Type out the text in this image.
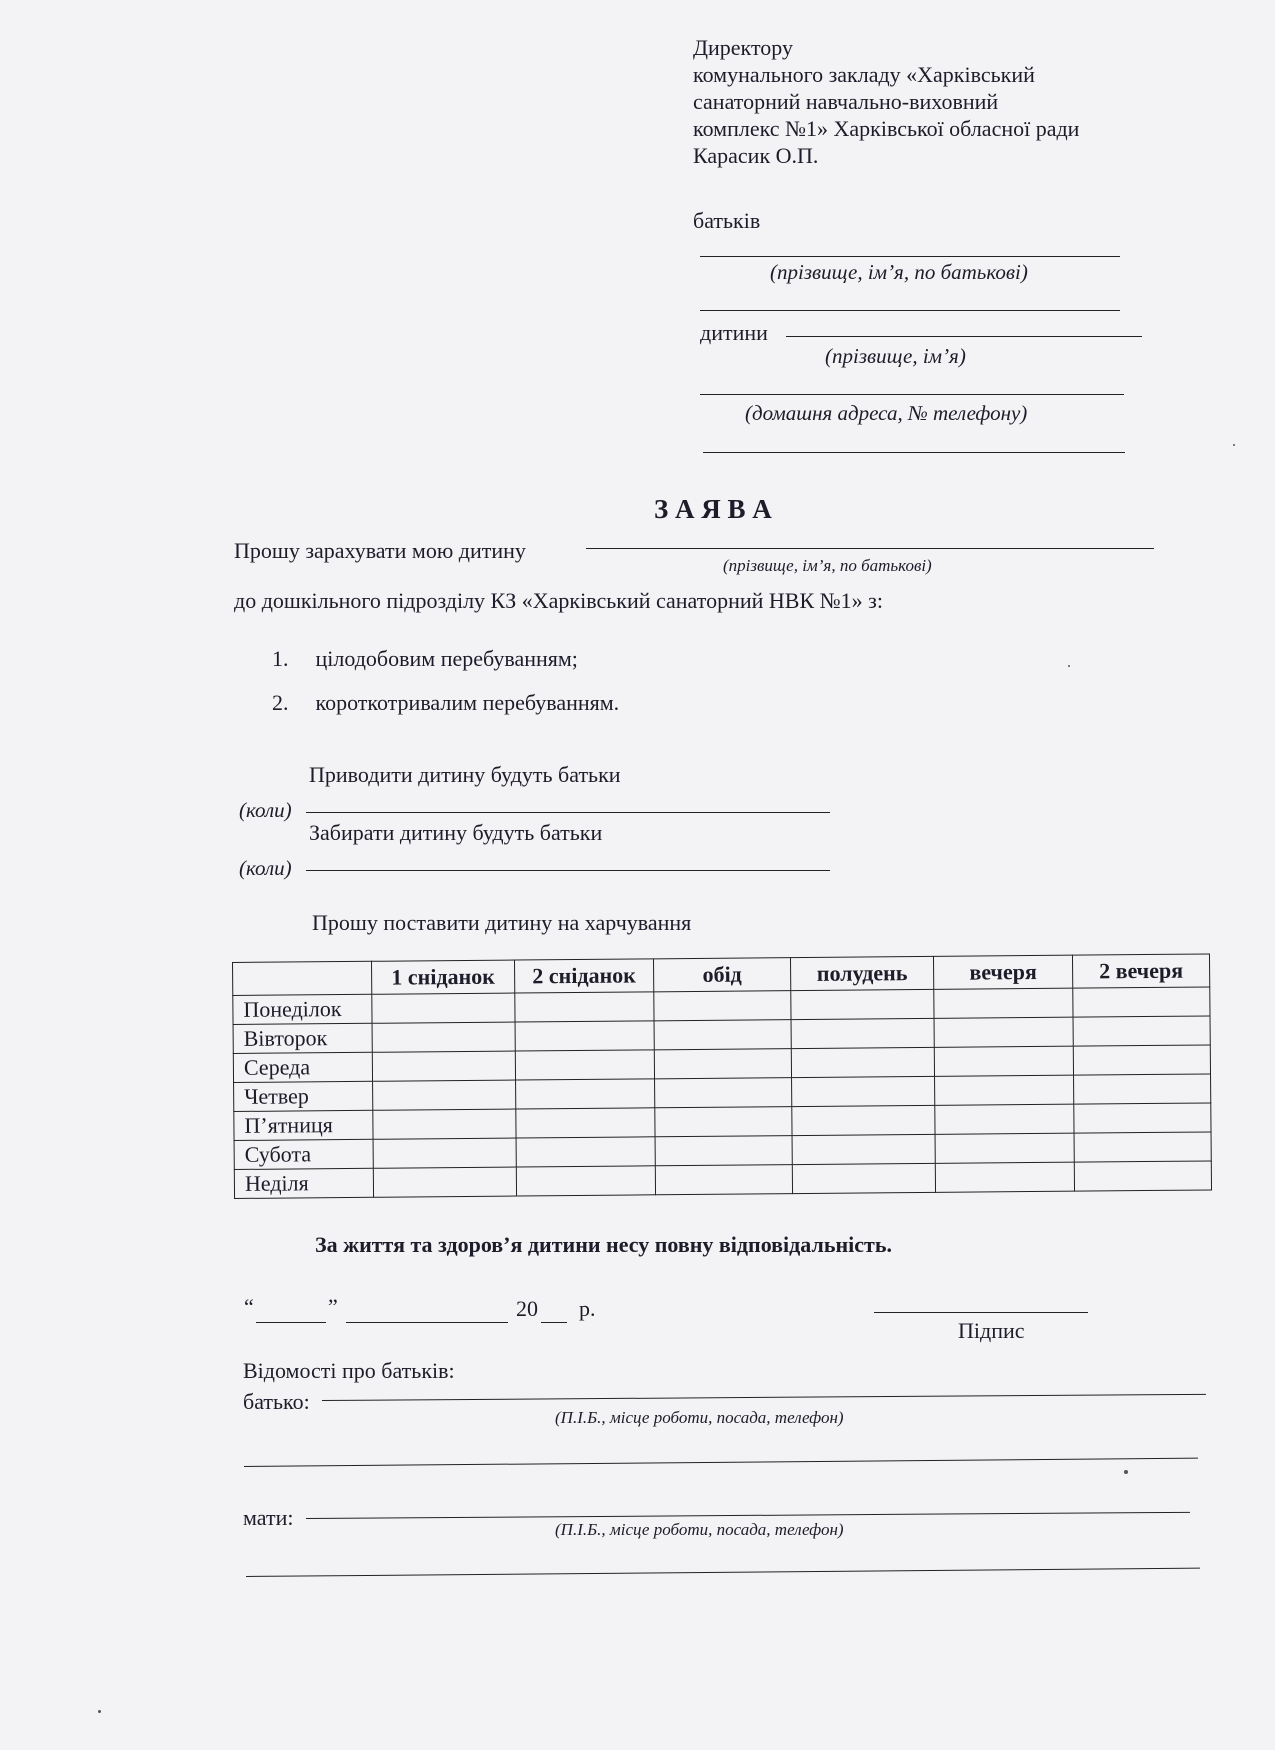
Директору
комунального закладу «Харківський
санаторний навчально-виховний
комплекс №1» Харківської обласної ради
Карасик О.П.
батьків
(прізвище, ім’я, по батькові)
дитини
(прізвище, ім’я)
(домашня адреса, № телефону)
З А Я В А
Прошу зарахувати мою дитину
(прізвище, ім’я, по батькові)
до дошкільного підрозділу КЗ «Харківський санаторний НВК №1» з:
1. цілодобовим перебуванням;
2. короткотривалим перебуванням.
Приводити дитину будуть батьки
(коли)
Забирати дитину будуть батьки
(коли)
Прошу поставити дитину на харчування
	1 сніданок	2 сніданок	обід	полудень	вечеря	2 вечеря
Понеділок						
Вівторок						
Середа						
Четвер						
П’ятниця						
Субота						
Неділя						
За життя та здоров’я дитини несу повну відповідальність.
“	”	20 р.
Підпис
Відомості про батьків:
батько:
(П.І.Б., місце роботи, посада, телефон)
мати:	(П.І.Б., місце роботи, посада, телефон)
